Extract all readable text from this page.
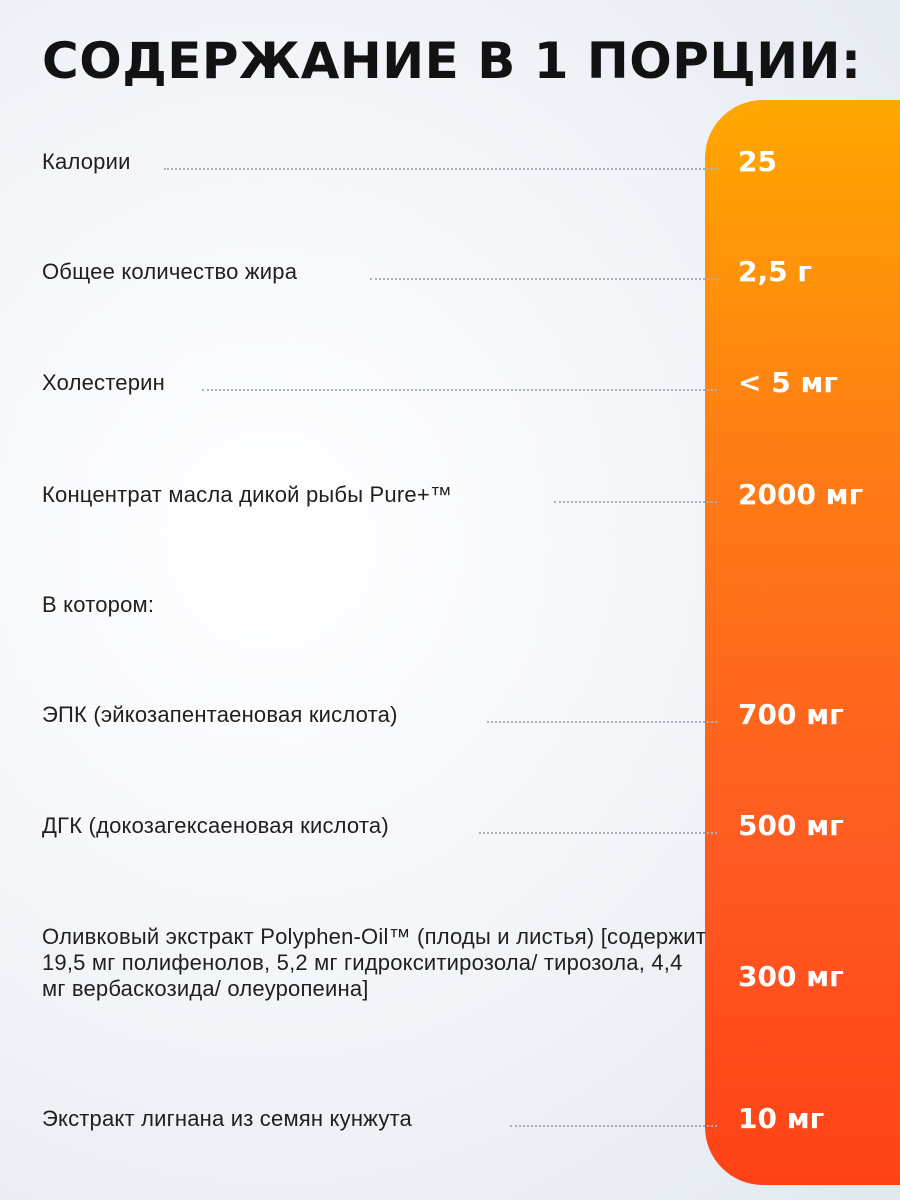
СОДЕРЖАНИЕ В 1 ПОРЦИИ:
Калории	25
Общее количество жира	2,5 г
Холестерин	< 5 мг
Концентрат масла дикой рыбы Pure+™	2000 мг
В котором:
ЭПК (эйкозапентаеновая кислота)	700 мг
ДГК (докозагексаеновая кислота)	500 мг
Оливковый экстракт Polyphen-Oil™ (плоды и листья) [содержит 19,5 мг полифенолов, 5,2 мг гидрокситирозола/ тирозола, 4,4 мг вербаскозида/ олеуропеина]	300 мг
Экстракт лигнана из семян кунжута	10 мг
